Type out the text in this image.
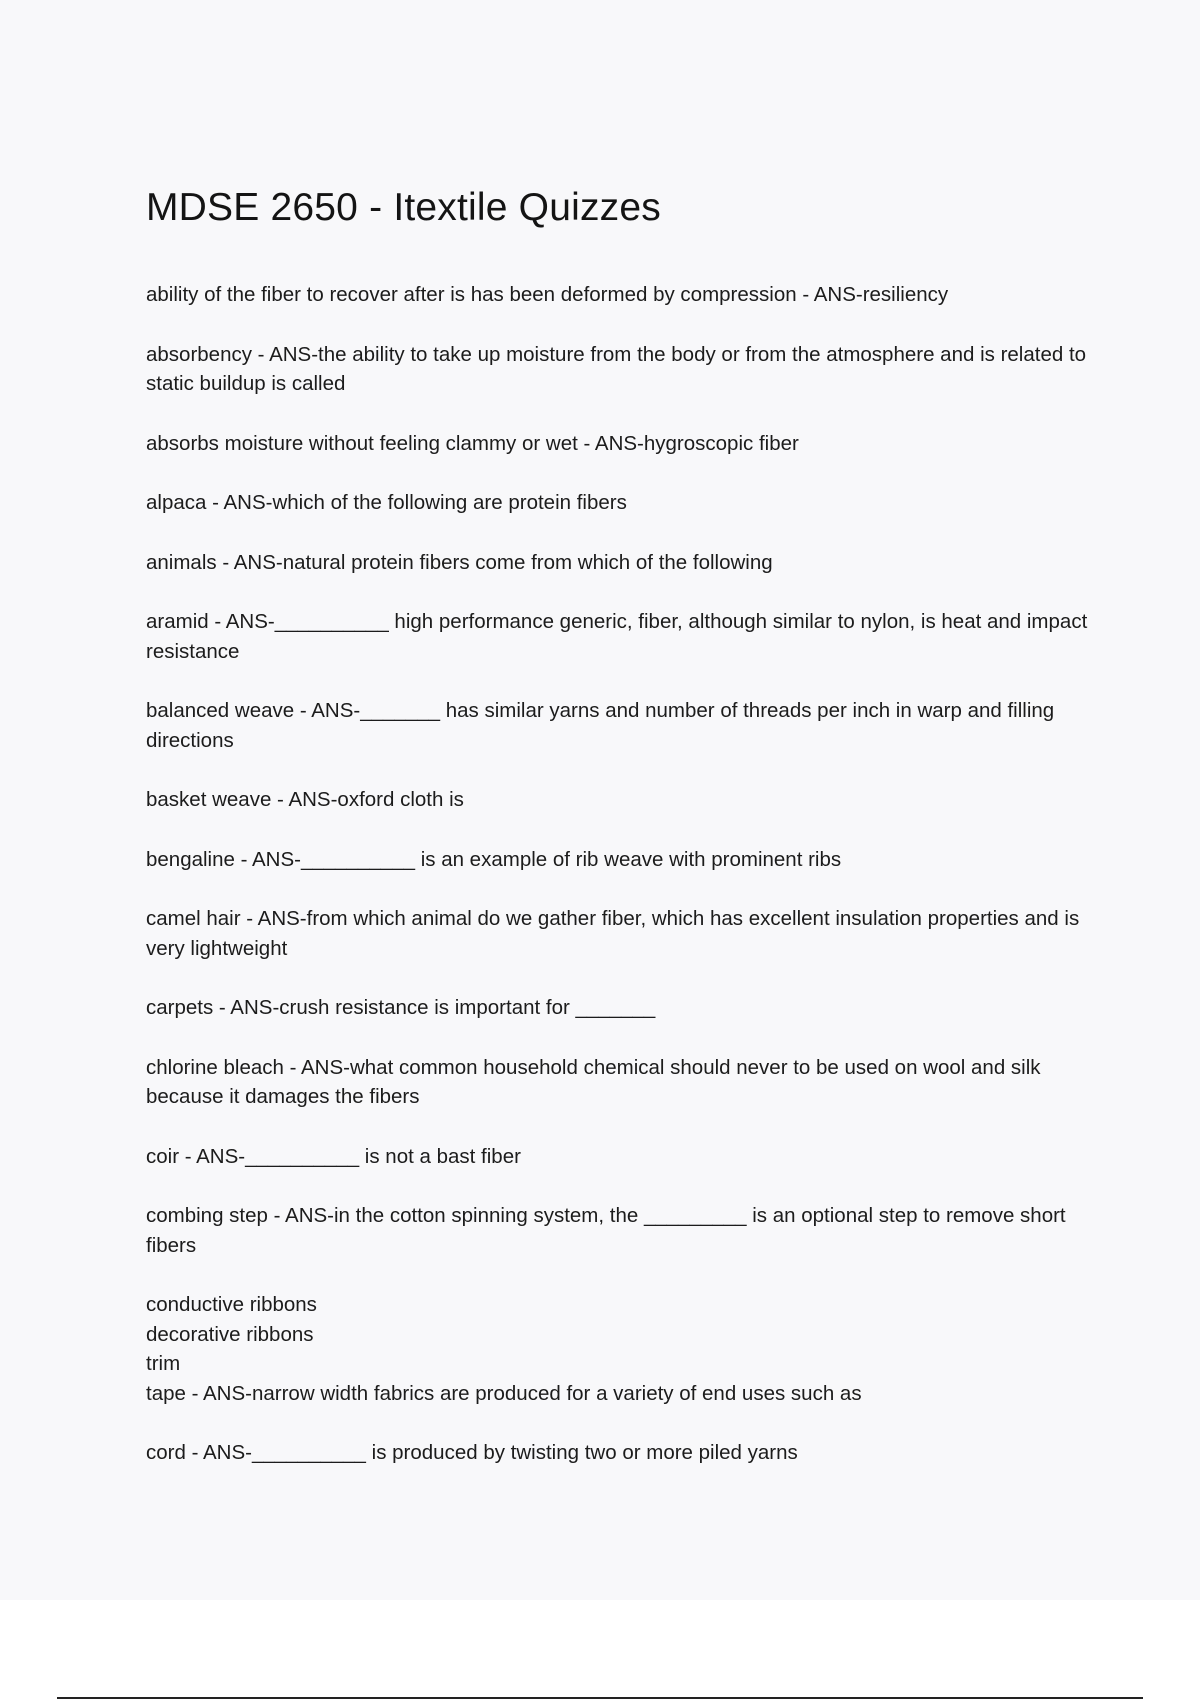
MDSE 2650 - Itextile Quizzes

ability of the fiber to recover after is has been deformed by compression - ANS-resiliency

absorbency - ANS-the ability to take up moisture from the body or from the atmosphere and is related to static buildup is called

absorbs moisture without feeling clammy or wet - ANS-hygroscopic fiber

alpaca - ANS-which of the following are protein fibers

animals - ANS-natural protein fibers come from which of the following

aramid - ANS-__________ high performance generic, fiber, although similar to nylon, is heat and impact resistance

balanced weave - ANS-_______ has similar yarns and number of threads per inch in warp and filling directions

basket weave - ANS-oxford cloth is

bengaline - ANS-__________ is an example of rib weave with prominent ribs

camel hair - ANS-from which animal do we gather fiber, which has excellent insulation properties and is very lightweight

carpets - ANS-crush resistance is important for _______

chlorine bleach - ANS-what common household chemical should never to be used on wool and silk because it damages the fibers

coir - ANS-__________ is not a bast fiber

combing step - ANS-in the cotton spinning system, the _________ is an optional step to remove short fibers

conductive ribbons
decorative ribbons
trim
tape - ANS-narrow width fabrics are produced for a variety of end uses such as

cord - ANS-__________ is produced by twisting two or more piled yarns
